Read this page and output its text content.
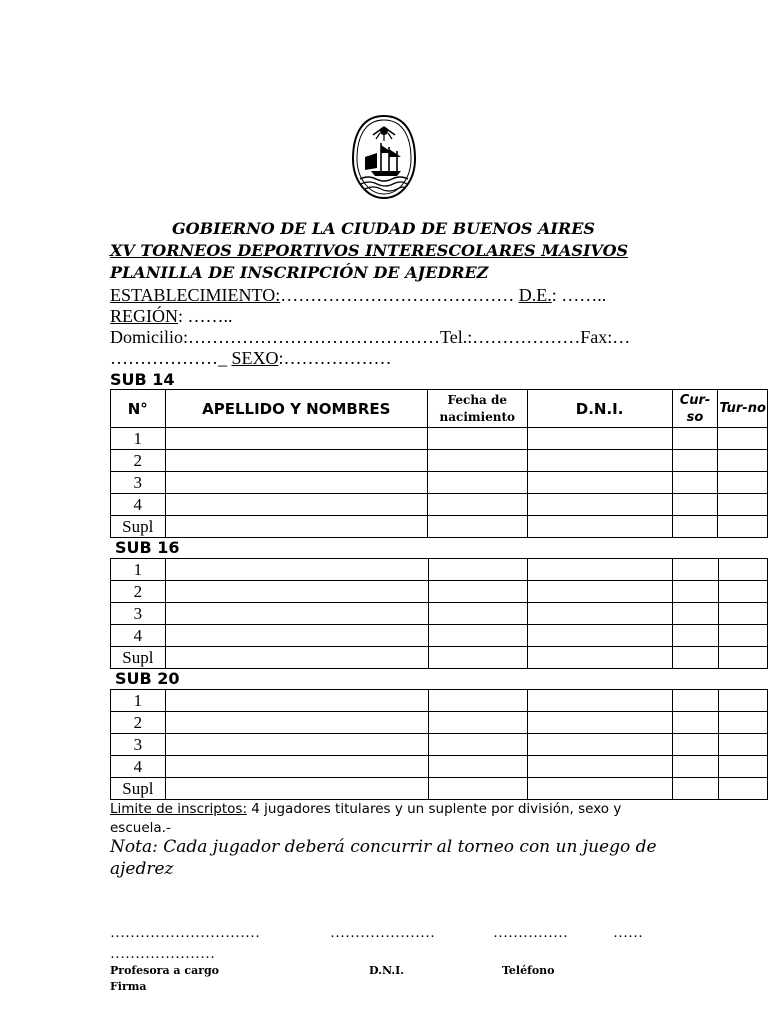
GOBIERNO DE LA CIUDAD DE BUENOS AIRES
XV TORNEOS DEPORTIVOS INTERESCOLARES MASIVOS
PLANILLA DE INSCRIPCIÓN DE AJEDREZ
ESTABLECIMIENTO:………………………………… D.E.: ……..
REGIÓN: ……..
Domicilio:……………………………………Tel.:………………Fax:…
………………_ SEXO:………………
SUB 14
N°	APELLIDO Y NOMBRES	Fecha de nacimiento	D.N.I.	Cur-so	Tur-no
1					
2					
3					
4					
Supl					
SUB 16
1					
2					
3					
4					
Supl					
SUB 20
1					
2					
3					
4					
Supl					
Limite de inscriptos: 4 jugadores titulares y un suplente por división, sexo y escuela.-
Nota: Cada jugador deberá concurrir al torneo con un juego de ajedrez
…………………………	…………………	……………	……
…………………
Profesora a cargo	D.N.I.	Teléfono
Firma
